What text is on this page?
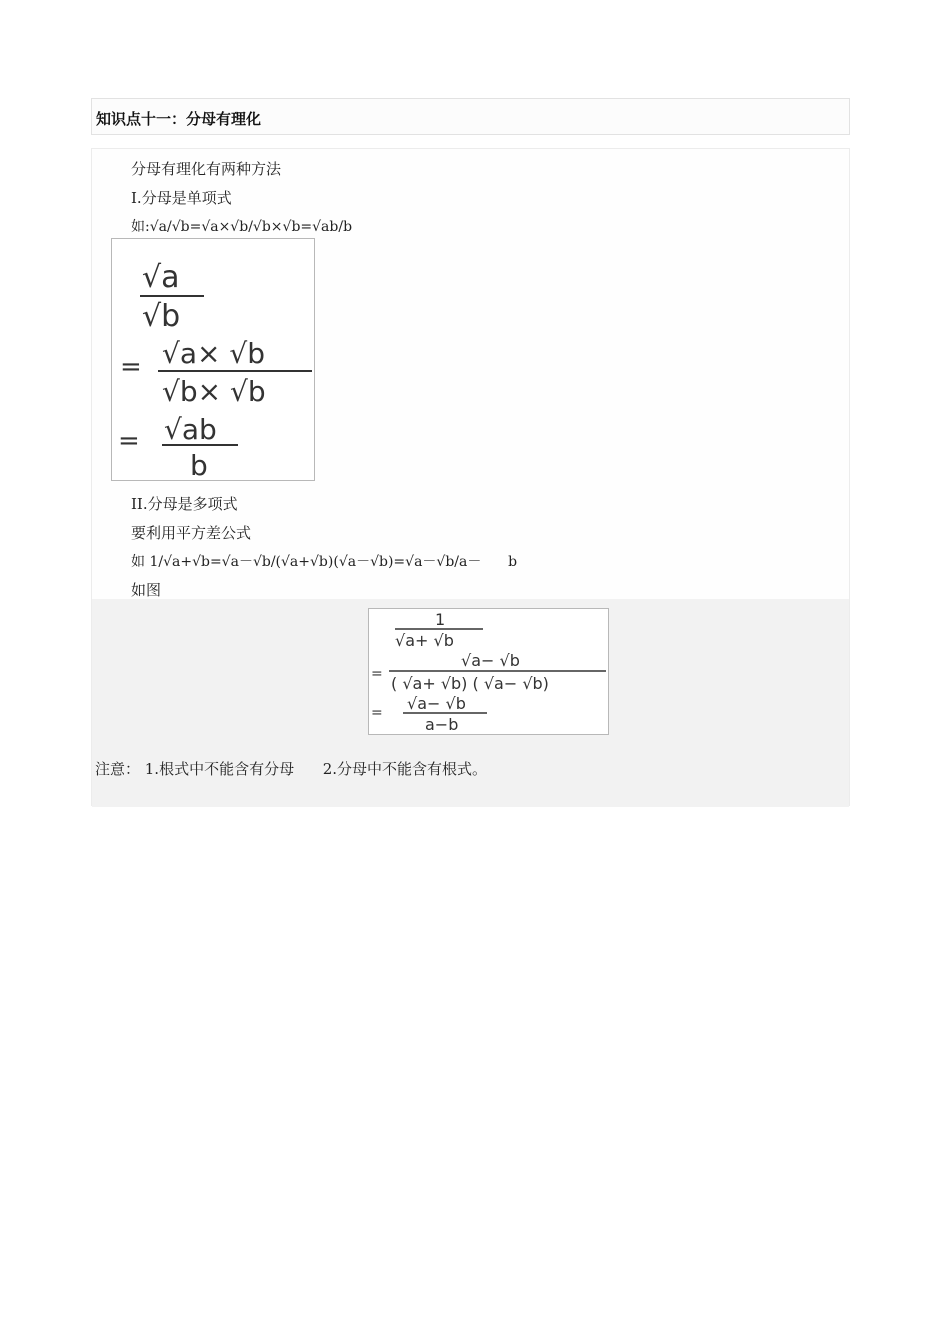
知识点十一：分母有理化
分母有理化有两种方法
I.分母是单项式
如:√a/√b=√a×√b/√b×√b=√ab/b
√a
√b
= √a× √b
√b× √b
= √ab
b
II.分母是多项式
要利用平方差公式
如 1/√a+√b=√a－√b/(√a+√b)(√a－√b)=√a－√b/a－      b
如图
1
√a+ √b
=
√a− √b
( √a+ √b) ( √a− √b)
= √a− √b
a−b
注意： 1.根式中不能含有分母      2.分母中不能含有根式。
